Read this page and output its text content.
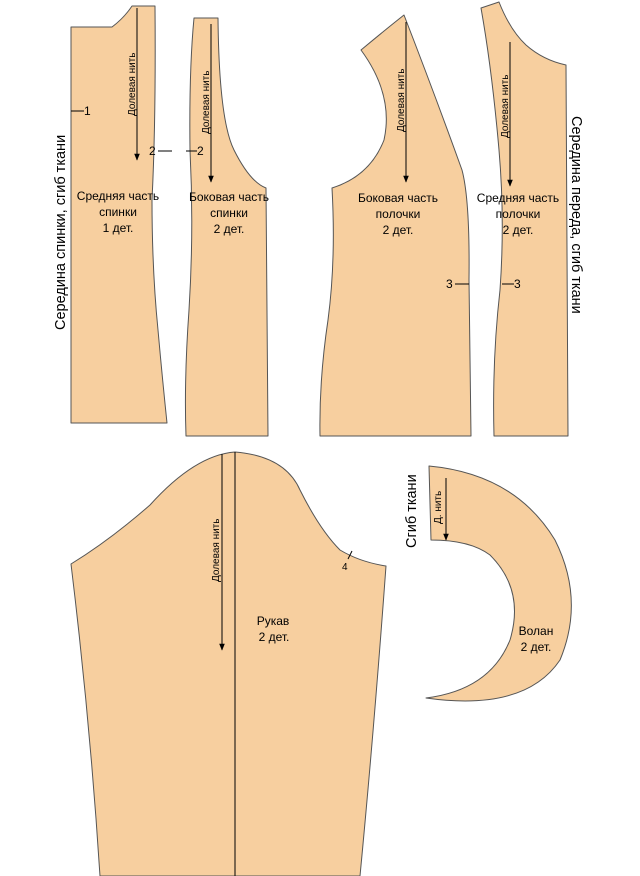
Долевая нить
1
2
Средняя часть
спинки
1 дет.
Середина спинки, сгиб ткани
Долевая нить
2
Боковая часть
спинки
2 дет.
Долевая нить
3
Боковая часть
полочки
2 дет.
Долевая нить
3
Средняя часть
полочки
2 дет. Середина переда, сгиб ткани
Долевая нить	4
Рукав
2 дет.
Д. нить
Волан
2 дет.
Сгиб ткани
